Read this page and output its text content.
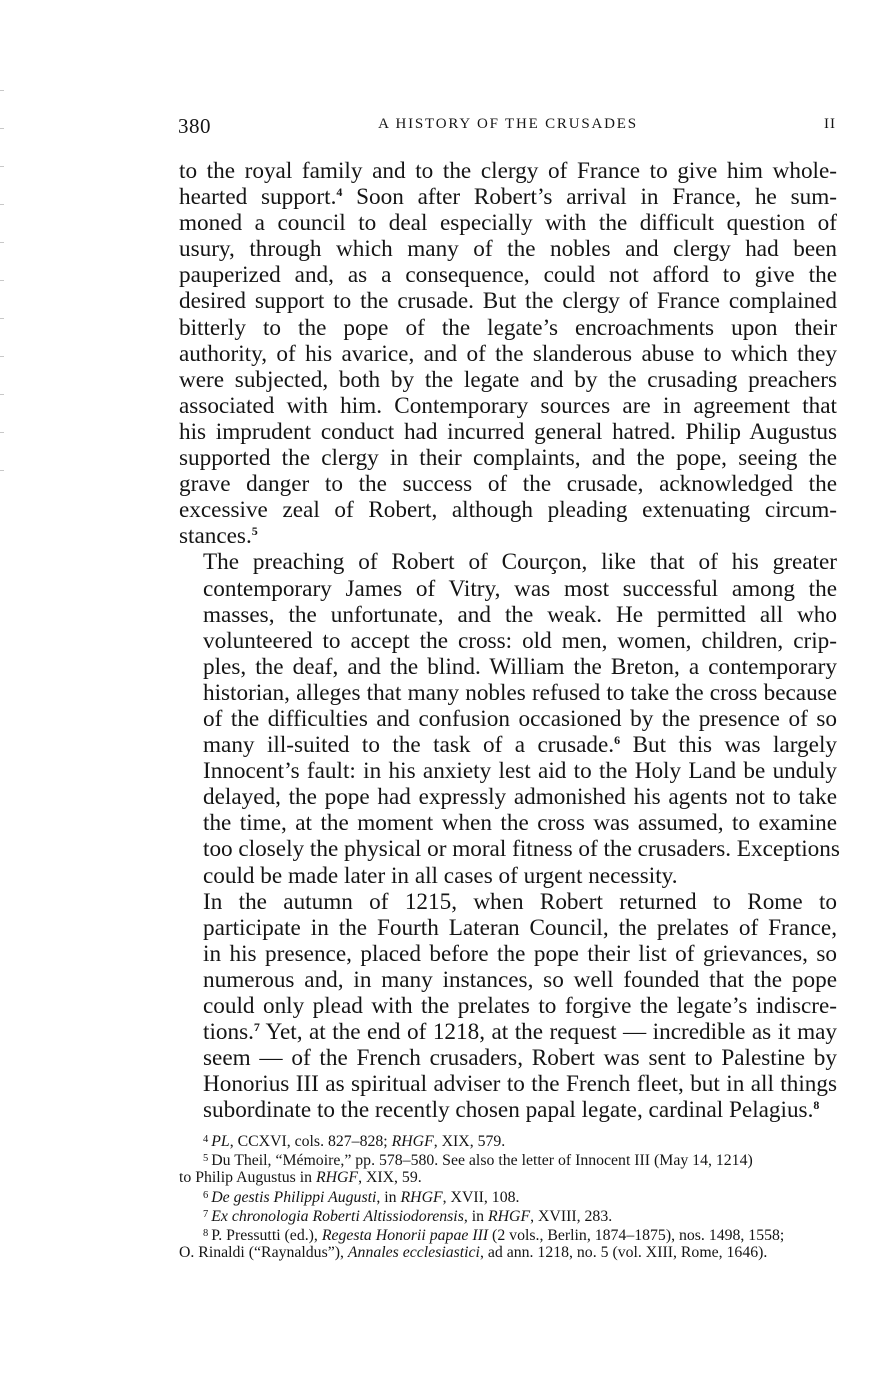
380	A HISTORY OF THE CRUSADES	II

to the royal family and to the clergy of France to give him whole-
hearted support.$^4$ Soon after Robert’s arrival in France, he sum-
moned a council to deal especially with the difficult question of
usury, through which many of the nobles and clergy had been
pauperized and, as a consequence, could not afford to give the
desired support to the crusade. But the clergy of France complained
bitterly to the pope of the legate’s encroachments upon their
authority, of his avarice, and of the slanderous abuse to which they
were subjected, both by the legate and by the crusading preachers
associated with him. Contemporary sources are in agreement that
his imprudent conduct had incurred general hatred. Philip Augustus
supported the clergy in their complaints, and the pope, seeing the
grave danger to the success of the crusade, acknowledged the
excessive zeal of Robert, although pleading extenuating circum-
stances.$^5$

The preaching of Robert of Courçon, like that of his greater
contemporary James of Vitry, was most successful among the
masses, the unfortunate, and the weak. He permitted all who
volunteered to accept the cross: old men, women, children, crip-
ples, the deaf, and the blind. William the Breton, a contemporary
historian, alleges that many nobles refused to take the cross because
of the difficulties and confusion occasioned by the presence of so
many ill-suited to the task of a crusade.$^6$ But this was largely
Innocent’s fault: in his anxiety lest aid to the Holy Land be unduly
delayed, the pope had expressly admonished his agents not to take
the time, at the moment when the cross was assumed, to examine
too closely the physical or moral fitness of the crusaders. Exceptions
could be made later in all cases of urgent necessity.

In the autumn of 1215, when Robert returned to Rome to
participate in the Fourth Lateran Council, the prelates of France,
in his presence, placed before the pope their list of grievances, so
numerous and, in many instances, so well founded that the pope
could only plead with the prelates to forgive the legate’s indiscre-
tions.$^7$ Yet, at the end of 1218, at the request — incredible as it may
seem — of the French crusaders, Robert was sent to Palestine by
Honorius III as spiritual adviser to the French fleet, but in all things
subordinate to the recently chosen papal legate, cardinal Pelagius.$^8$

$^4$ PL, CCXVI, cols. 827–828; RHGF, XIX, 579.

$^5$ Du Theil, “Mémoire,” pp. 578–580. See also the letter of Innocent III (May 14, 1214)

to Philip Augustus in RHGF, XIX, 59.

$^6$ De gestis Philippi Augusti, in RHGF, XVII, 108.

$^7$ Ex chronologia Roberti Altissiodorensis, in RHGF, XVIII, 283.

$^8$ P. Pressutti (ed.), Regesta Honorii papae III (2 vols., Berlin, 1874–1875), nos. 1498, 1558;

O. Rinaldi (“Raynaldus”), Annales ecclesiastici, ad ann. 1218, no. 5 (vol. XIII, Rome, 1646).
